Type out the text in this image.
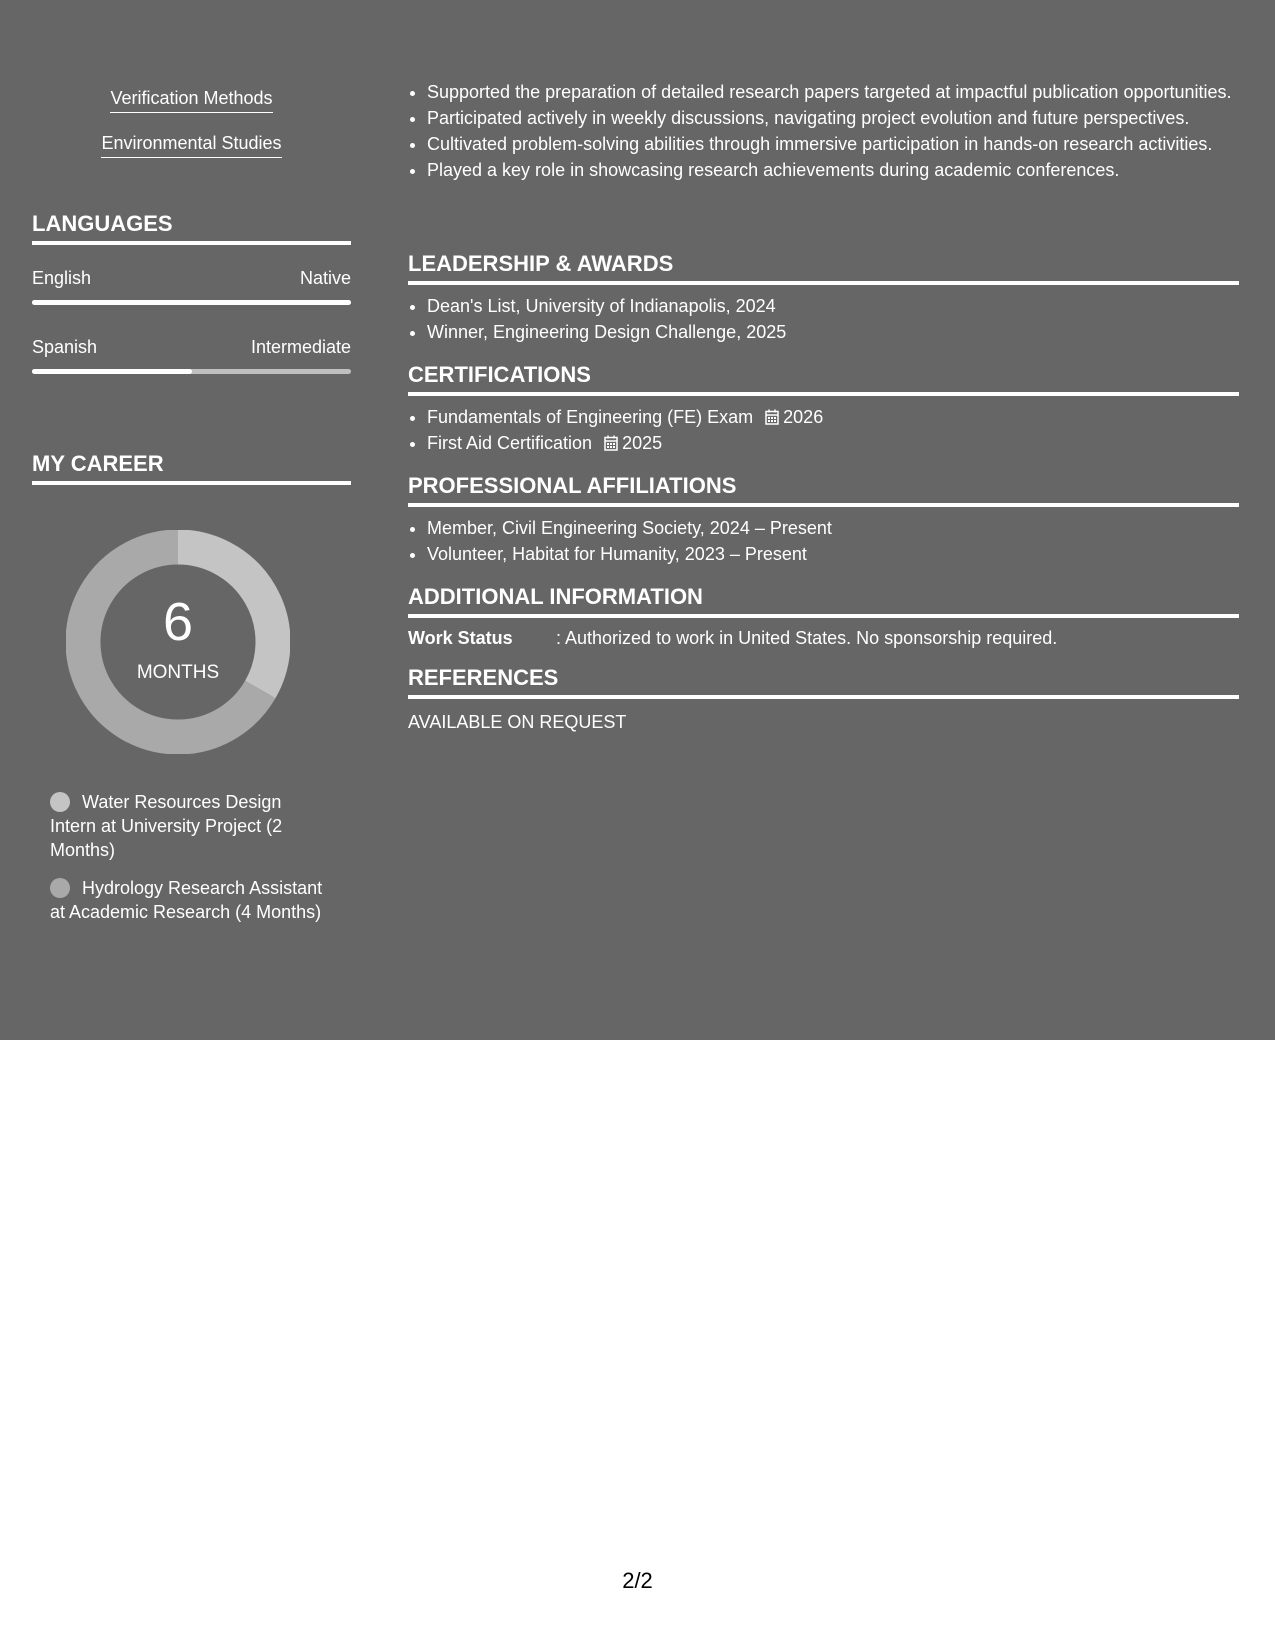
Verification Methods
Environmental Studies
LANGUAGES
English	Native
Spanish	Intermediate
MY CAREER
6
MONTHS
Water Resources Design Intern at University Project (2 Months)
Hydrology Research Assistant at Academic Research (4 Months)
• Supported the preparation of detailed research papers targeted at impactful publication opportunities.
• Participated actively in weekly discussions, navigating project evolution and future perspectives.
• Cultivated problem-solving abilities through immersive participation in hands-on research activities.
• Played a key role in showcasing research achievements during academic conferences.
LEADERSHIP & AWARDS
• Dean's List, University of Indianapolis, 2024
• Winner, Engineering Design Challenge, 2025
CERTIFICATIONS
• Fundamentals of Engineering (FE) Exam 2026
• First Aid Certification 2025
PROFESSIONAL AFFILIATIONS
• Member, Civil Engineering Society, 2024 – Present
• Volunteer, Habitat for Humanity, 2023 – Present
ADDITIONAL INFORMATION
Work Status : Authorized to work in United States. No sponsorship required.
REFERENCES
AVAILABLE ON REQUEST
2/2
